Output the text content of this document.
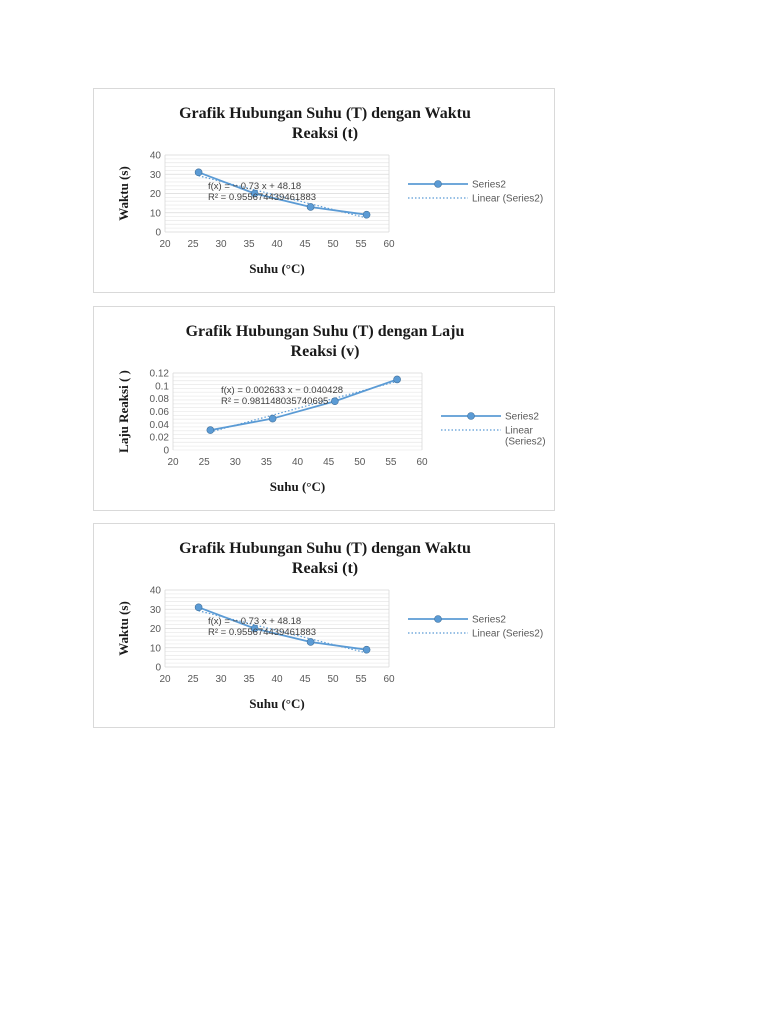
Grafik Hubungan Suhu (T) dengan Waktu
Reaksi (t)
0
10
20
30
40
20 25 30 35 40 45 50 55 60
Suhu (°C)
Waktu (s)	f(x) = − 0.73 x + 48.18
R² = 0.955674439461883
Series2
Linear (Series2)
Grafik Hubungan Suhu (T) dengan Laju
Reaksi (v)
0
0.02
0.04
0.06
0.08
0.1
0.12
20 25 30 35 40 45 50 55 60
Suhu (°C)
Laju Reaksi ( )	f(x) = 0.002633 x − 0.040428
R² = 0.981148035740695
Series2
Linear
(Series2)
Grafik Hubungan Suhu (T) dengan Waktu
Reaksi (t)
0
10
20
30
40
20 25 30 35 40 45 50 55 60
Suhu (°C)
Waktu (s)	f(x) = − 0.73 x + 48.18
R² = 0.955674439461883
Series2
Linear (Series2)
